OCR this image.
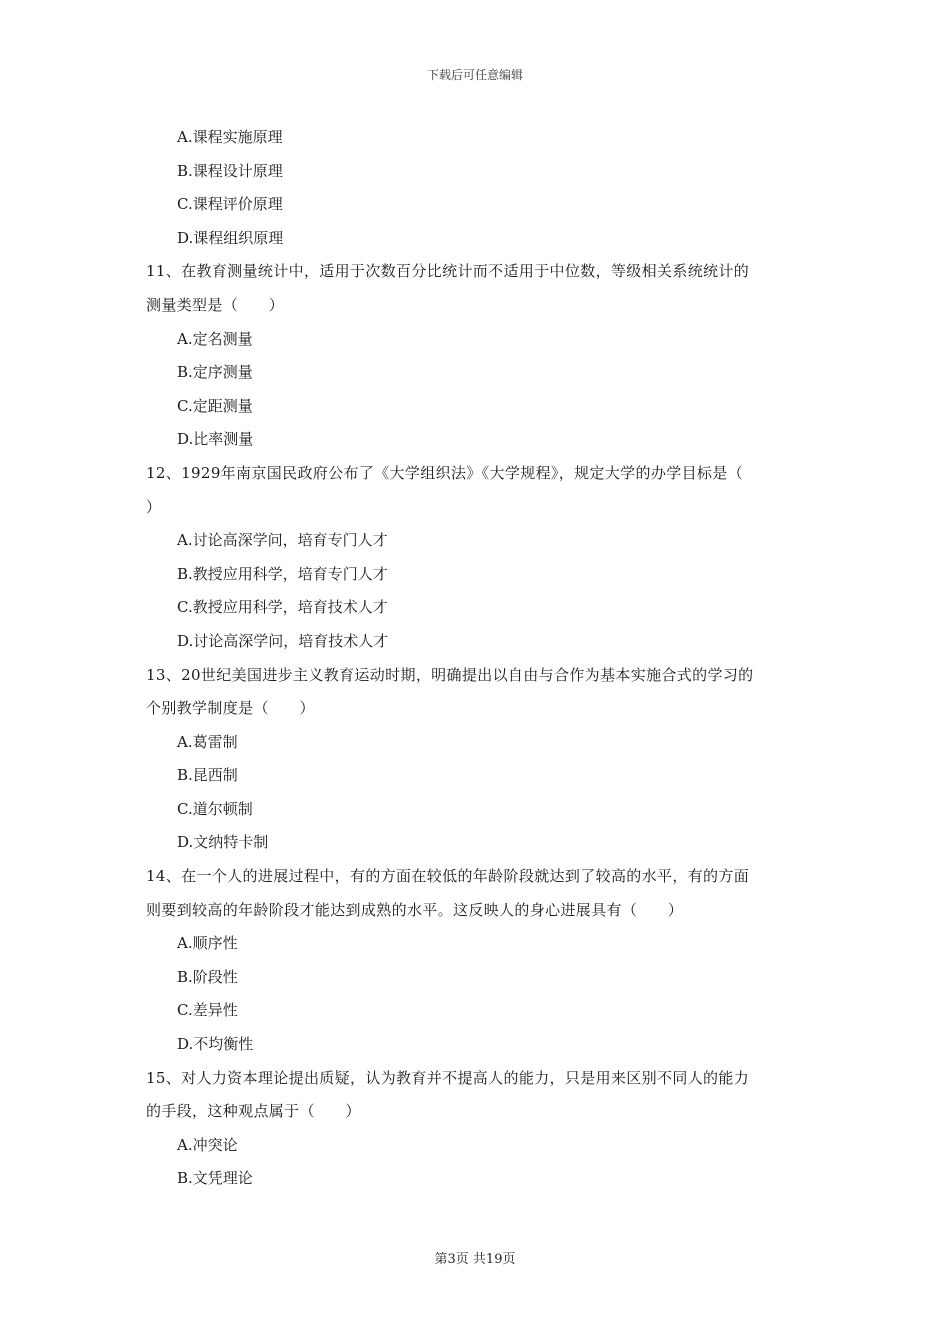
下载后可任意编辑
A.课程实施原理
B.课程设计原理
C.课程评价原理
D.课程组织原理
11、在教育测量统计中，适用于次数百分比统计而不适用于中位数，等级相关系统统计的
测量类型是（　　）
A.定名测量
B.定序测量
C.定距测量
D.比率测量
12、1929年南京国民政府公布了《大学组织法》《大学规程》，规定大学的办学目标是（
）
A.讨论高深学问，培育专门人才
B.教授应用科学，培育专门人才
C.教授应用科学，培育技术人才
D.讨论高深学问，培育技术人才
13、20世纪美国进步主义教育运动时期，明确提出以自由与合作为基本实施合式的学习的
个别教学制度是（　　）
A.葛雷制
B.昆西制
C.道尔顿制
D.文纳特卡制
14、在一个人的进展过程中，有的方面在较低的年龄阶段就达到了较高的水平，有的方面
则要到较高的年龄阶段才能达到成熟的水平。这反映人的身心进展具有（　　）
A.顺序性
B.阶段性
C.差异性
D.不均衡性
15、对人力资本理论提出质疑，认为教育并不提高人的能力，只是用来区别不同人的能力
的手段，这种观点属于（　　）
A.冲突论
B.文凭理论
第3页 共19页
